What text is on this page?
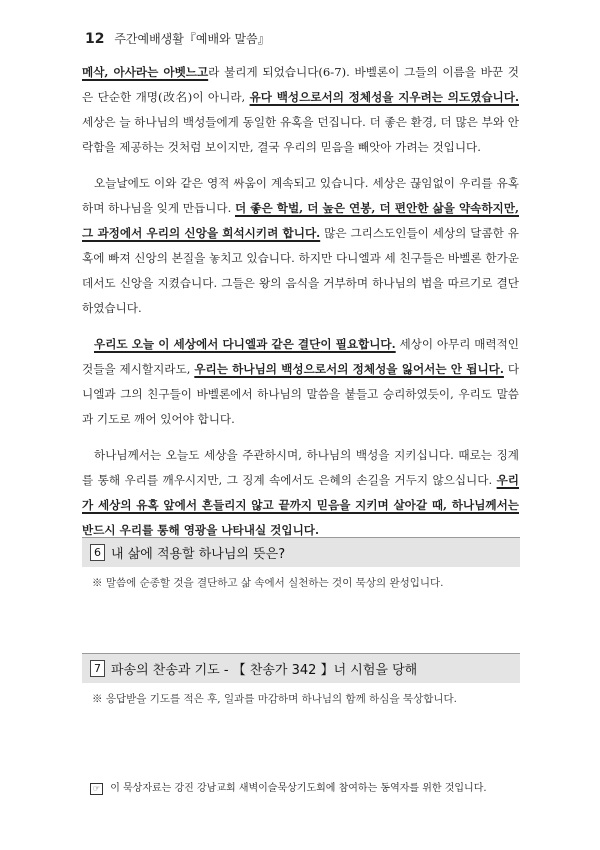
12 주간예배생활『예배와 말씀』

메삭, 아사라는 아벳느고라 불리게 되었습니다(6-7). 바벨론이 그들의 이름을 바꾼 것은 단순한 개명(改名)이 아니라, 유다 백성으로서의 정체성을 지우려는 의도였습니다. 세상은 늘 하나님의 백성들에게 동일한 유혹을 던집니다. 더 좋은 환경, 더 많은 부와 안락함을 제공하는 것처럼 보이지만, 결국 우리의 믿음을 빼앗아 가려는 것입니다.

오늘날에도 이와 같은 영적 싸움이 계속되고 있습니다. 세상은 끊임없이 우리를 유혹하며 하나님을 잊게 만듭니다. 더 좋은 학벌, 더 높은 연봉, 더 편안한 삶을 약속하지만, 그 과정에서 우리의 신앙을 희석시키려 합니다. 많은 그리스도인들이 세상의 달콤한 유혹에 빠져 신앙의 본질을 놓치고 있습니다. 하지만 다니엘과 세 친구들은 바벨론 한가운데서도 신앙을 지켰습니다. 그들은 왕의 음식을 거부하며 하나님의 법을 따르기로 결단하였습니다.

우리도 오늘 이 세상에서 다니엘과 같은 결단이 필요합니다. 세상이 아무리 매력적인 것들을 제시할지라도, 우리는 하나님의 백성으로서의 정체성을 잃어서는 안 됩니다. 다니엘과 그의 친구들이 바벨론에서 하나님의 말씀을 붙들고 승리하였듯이, 우리도 말씀과 기도로 깨어 있어야 합니다.

하나님께서는 오늘도 세상을 주관하시며, 하나님의 백성을 지키십니다. 때로는 징계를 통해 우리를 깨우시지만, 그 징계 속에서도 은혜의 손길을 거두지 않으십니다. 우리가 세상의 유혹 앞에서 흔들리지 않고 끝까지 믿음을 지키며 살아갈 때, 하나님께서는 반드시 우리를 통해 영광을 나타내실 것입니다.

6 내 삶에 적용할 하나님의 뜻은?
※ 말씀에 순종할 것을 결단하고 삶 속에서 실천하는 것이 묵상의 완성입니다.
7 파송의 찬송과 기도 - 【 찬송가 342 】너 시험을 당해
※ 응답받을 기도를 적은 후, 일과를 마감하며 하나님의 함께 하심을 묵상합니다.
☞ 이 묵상자료는 강진 강남교회 새벽이슬묵상기도회에 참여하는 동역자를 위한 것입니다.
